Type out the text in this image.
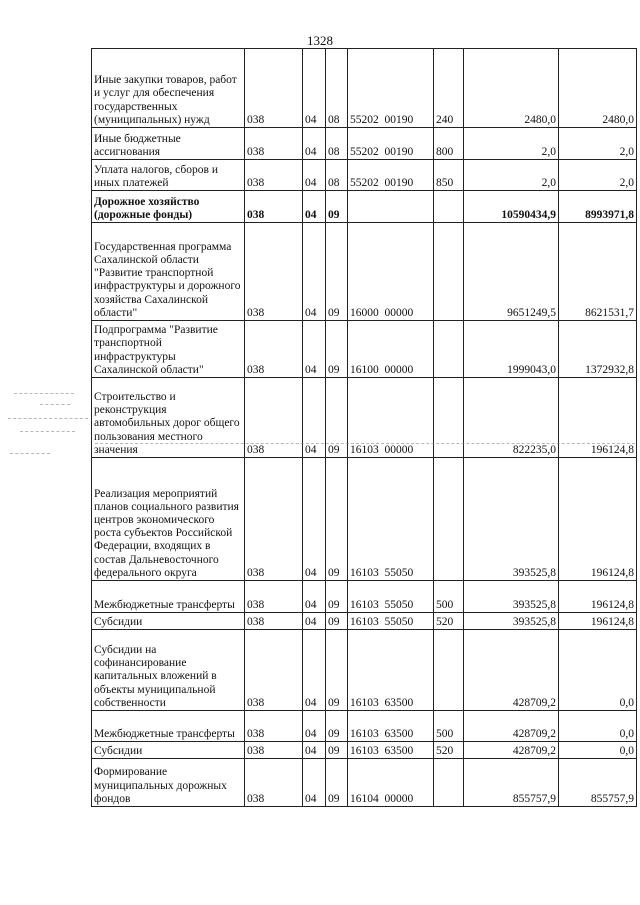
1328
Иные закупки товаров, работ и услуг для обеспечения государственных (муниципальных) нужд	038	04	08	55202 00190	240	2480,0	2480,0
Иные бюджетные ассигнования	038	04	08	55202 00190	800	2,0	2,0
Уплата налогов, сборов и иных платежей	038	04	08	55202 00190	850	2,0	2,0
Дорожное хозяйство (дорожные фонды)	038	04	09			10590434,9	8993971,8
Государственная программа Сахалинской области "Развитие транспортной инфраструктуры и дорожного хозяйства Сахалинской области"	038	04	09	16000 00000		9651249,5	8621531,7
Подпрограмма "Развитие транспортной инфраструктуры Сахалинской области"	038	04	09	16100 00000		1999043,0	1372932,8
Строительство и реконструкция автомобильных дорог общего пользования местного значения	038	04	09	16103 00000		822235,0	196124,8
Реализация мероприятий планов социального развития центров экономического роста субъектов Российской Федерации, входящих в состав Дальневосточного федерального округа	038	04	09	16103 55050		393525,8	196124,8
Межбюджетные трансферты	038	04	09	16103 55050	500	393525,8	196124,8
Субсидии	038	04	09	16103 55050	520	393525,8	196124,8
Субсидии на софинансирование капитальных вложений в объекты муниципальной собственности	038	04	09	16103 63500		428709,2	0,0
Межбюджетные трансферты	038	04	09	16103 63500	500	428709,2	0,0
Субсидии	038	04	09	16103 63500	520	428709,2	0,0
Формирование муниципальных дорожных фондов	038	04	09	16104 00000		855757,9	855757,9
